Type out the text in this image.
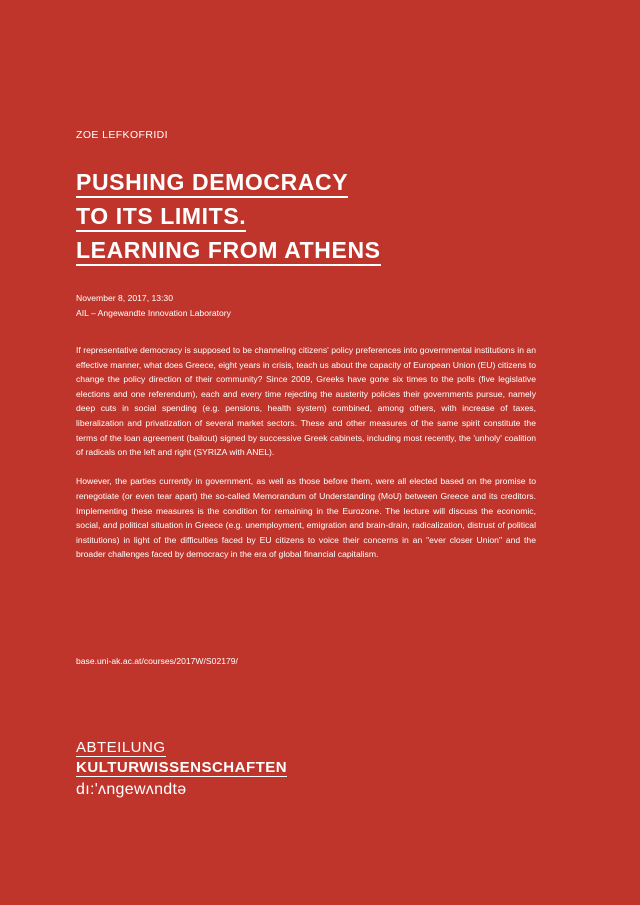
ZOE LEFKOFRIDI
PUSHING DEMOCRACY
TO ITS LIMITS.
LEARNING FROM ATHENS
November 8, 2017, 13:30
AIL – Angewandte Innovation Laboratory

If representative democracy is supposed to be channeling citizens' policy preferences into governmental institutions in an effective manner, what does Greece, eight years in crisis, teach us about the capacity of European Union (EU) citizens to change the policy direction of their community? Since 2009, Greeks have gone six times to the polls (five legislative elections and one referendum), each and every time rejecting the austerity policies their governments pursue, namely deep cuts in social spending (e.g. pensions, health system) combined, among others, with increase of taxes, liberalization and privatization of several market sectors. These and other measures of the same spirit constitute the terms of the loan agreement (bailout) signed by successive Greek cabinets, including most recently, the 'unholy' coalition of radicals on the left and right (SYRIZA with ANEL).

However, the parties currently in government, as well as those before them, were all elected based on the promise to renegotiate (or even tear apart) the so-called Memorandum of Understanding (MoU) between Greece and its creditors. Implementing these measures is the condition for remaining in the Eurozone. The lecture will discuss the economic, social, and political situation in Greece (e.g. unemployment, emigration and brain-drain, radicalization, distrust of political institutions) in light of the difficulties faced by EU citizens to voice their concerns in an "ever closer Union" and the broader challenges faced by democracy in the era of global financial capitalism.

base.uni-ak.ac.at/courses/2017W/S02179/
ABTEILUNG
KULTURWISSENSCHAFTEN
dı:'ʌngewʌndtə
